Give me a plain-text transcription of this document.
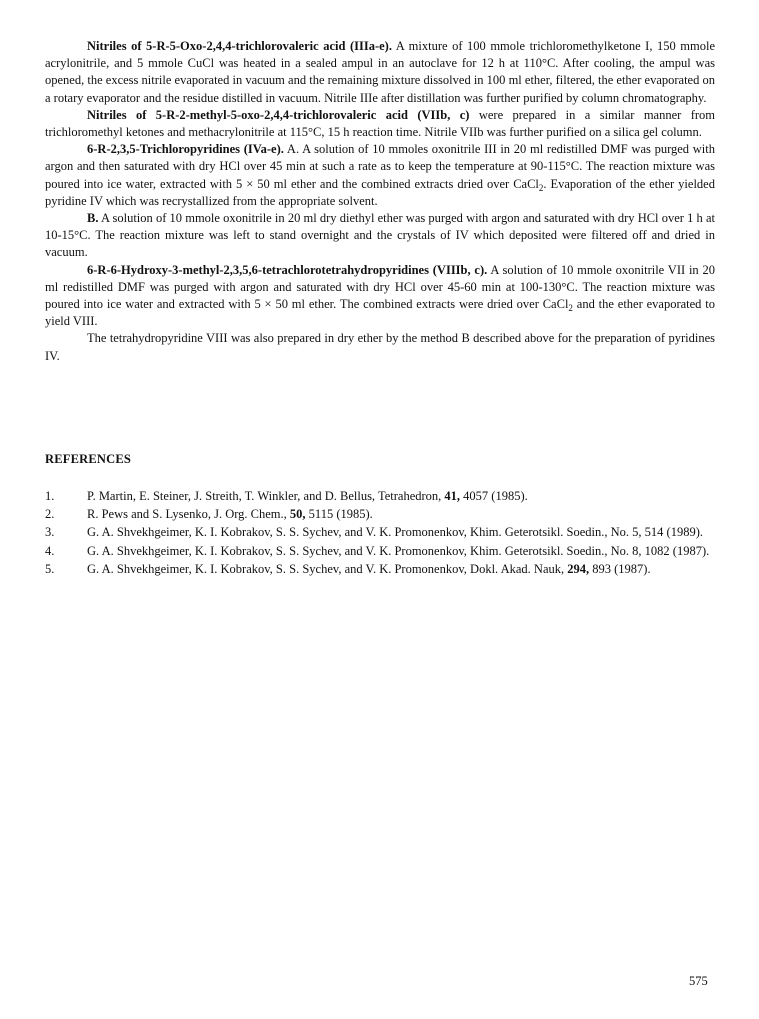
Nitriles of 5-R-5-Oxo-2,4,4-trichlorovaleric acid (IIIa-e). A mixture of 100 mmole trichloromethylketone I, 150 mmole acrylonitrile, and 5 mmole CuCl was heated in a sealed ampul in an autoclave for 12 h at 110°C. After cooling, the ampul was opened, the excess nitrile evaporated in vacuum and the remaining mixture dissolved in 100 ml ether, filtered, the ether evaporated on a rotary evaporator and the residue distilled in vacuum. Nitrile IIIe after distillation was further purified by column chromatography.

Nitriles of 5-R-2-methyl-5-oxo-2,4,4-trichlorovaleric acid (VIIb, c) were prepared in a similar manner from trichloromethyl ketones and methacrylonitrile at 115°C, 15 h reaction time. Nitrile VIIb was further purified on a silica gel column.

6-R-2,3,5-Trichloropyridines (IVa-e). A. A solution of 10 mmoles oxonitrile III in 20 ml redistilled DMF was purged with argon and then saturated with dry HCl over 45 min at such a rate as to keep the temperature at 90-115°C. The reaction mixture was poured into ice water, extracted with 5 × 50 ml ether and the combined extracts dried over CaCl$_2$. Evaporation of the ether yielded pyridine IV which was recrystallized from the appropriate solvent.

B. A solution of 10 mmole oxonitrile in 20 ml dry diethyl ether was purged with argon and saturated with dry HCl over 1 h at 10-15°C. The reaction mixture was left to stand overnight and the crystals of IV which deposited were filtered off and dried in vacuum.

6-R-6-Hydroxy-3-methyl-2,3,5,6-tetrachlorotetrahydropyridines (VIIIb, c). A solution of 10 mmole oxonitrile VII in 20 ml redistilled DMF was purged with argon and saturated with dry HCl over 45-60 min at 100-130°C. The reaction mixture was poured into ice water and extracted with 5 × 50 ml ether. The combined extracts were dried over CaCl$_2$ and the ether evaporated to yield VIII.

The tetrahydropyridine VIII was also prepared in dry ether by the method B described above for the preparation of pyridines IV.

REFERENCES
1.	P. Martin, E. Steiner, J. Streith, T. Winkler, and D. Bellus, Tetrahedron, 41, 4057 (1985).
2.	R. Pews and S. Lysenko, J. Org. Chem., 50, 5115 (1985).
3.	G. A. Shvekhgeimer, K. I. Kobrakov, S. S. Sychev, and V. K. Promonenkov, Khim. Geterotsikl. Soedin., No. 5, 514 (1989).
4.	G. A. Shvekhgeimer, K. I. Kobrakov, S. S. Sychev, and V. K. Promonenkov, Khim. Geterotsikl. Soedin., No. 8, 1082 (1987).
5.	G. A. Shvekhgeimer, K. I. Kobrakov, S. S. Sychev, and V. K. Promonenkov, Dokl. Akad. Nauk, 294, 893 (1987).
575
